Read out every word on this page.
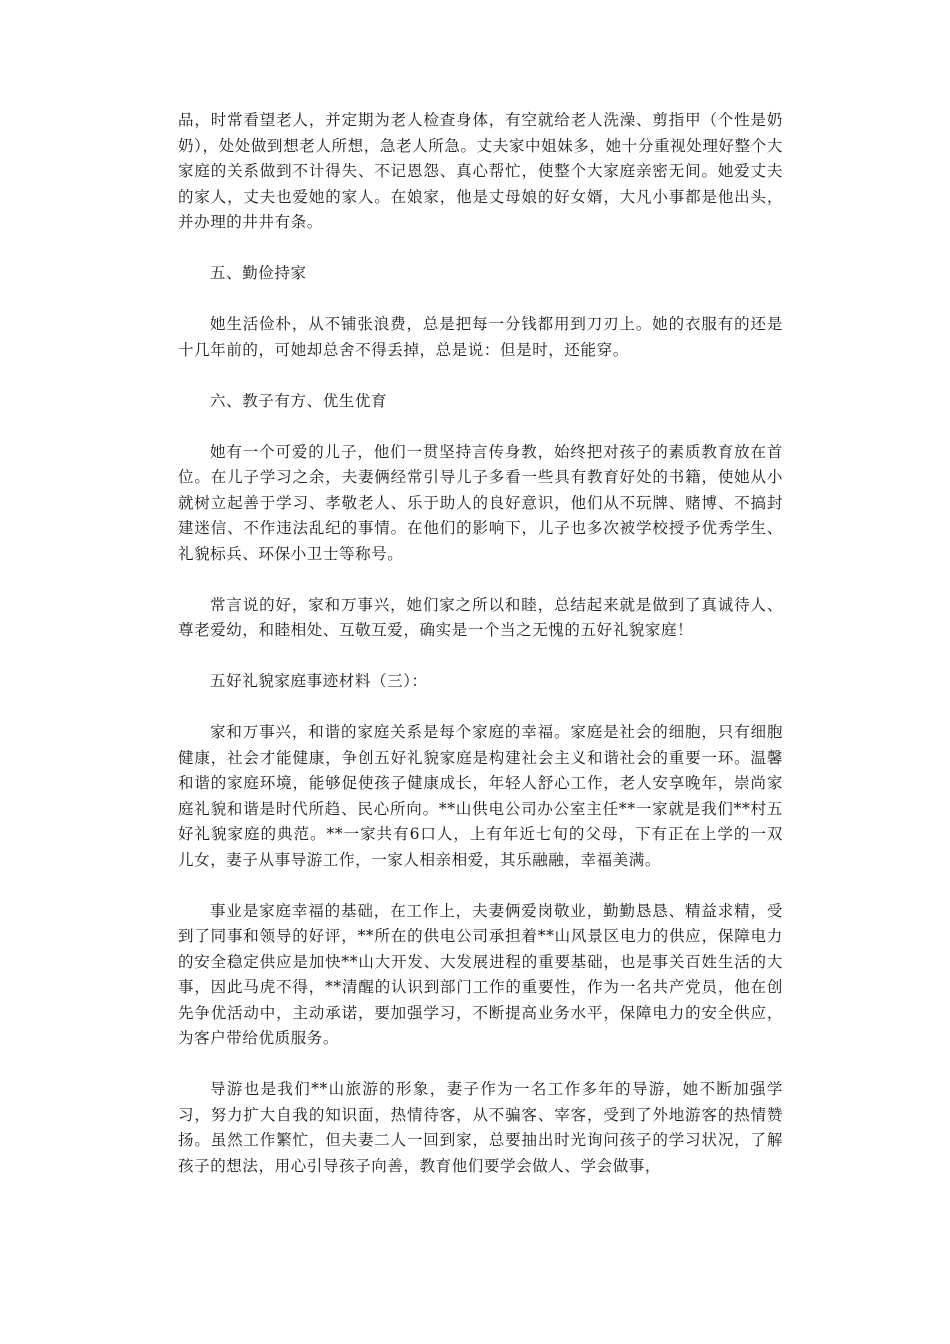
品，时常看望老人，并定期为老人检查身体，有空就给老人洗澡、剪指甲（个性是奶奶），处处做到想老人所想，急老人所急。丈夫家中姐妹多，她十分重视处理好整个大家庭的关系做到不计得失、不记恩怨、真心帮忙，使整个大家庭亲密无间。她爱丈夫的家人，丈夫也爱她的家人。在娘家，他是丈母娘的好女婿，大凡小事都是他出头，并办理的井井有条。

五、勤俭持家

她生活俭朴，从不铺张浪费，总是把每一分钱都用到刀刃上。她的衣服有的还是十几年前的，可她却总舍不得丢掉，总是说：但是时，还能穿。

六、教子有方、优生优育

她有一个可爱的儿子，他们一贯坚持言传身教，始终把对孩子的素质教育放在首位。在儿子学习之余，夫妻俩经常引导儿子多看一些具有教育好处的书籍，使她从小就树立起善于学习、孝敬老人、乐于助人的良好意识，他们从不玩牌、赌博、不搞封建迷信、不作违法乱纪的事情。在他们的影响下，儿子也多次被学校授予优秀学生、礼貌标兵、环保小卫士等称号。

常言说的好，家和万事兴，她们家之所以和睦，总结起来就是做到了真诚待人、尊老爱幼，和睦相处、互敬互爱，确实是一个当之无愧的五好礼貌家庭！

五好礼貌家庭事迹材料（三）：

家和万事兴，和谐的家庭关系是每个家庭的幸福。家庭是社会的细胞，只有细胞健康，社会才能健康，争创五好礼貌家庭是构建社会主义和谐社会的重要一环。温馨和谐的家庭环境，能够促使孩子健康成长，年轻人舒心工作，老人安享晚年，崇尚家庭礼貌和谐是时代所趋、民心所向。**山供电公司办公室主任**一家就是我们**村五好礼貌家庭的典范。**一家共有6口人，上有年近七旬的父母，下有正在上学的一双儿女，妻子从事导游工作，一家人相亲相爱，其乐融融，幸福美满。

事业是家庭幸福的基础，在工作上，夫妻俩爱岗敬业，勤勤恳恳、精益求精，受到了同事和领导的好评，**所在的供电公司承担着**山风景区电力的供应，保障电力的安全稳定供应是加快**山大开发、大发展进程的重要基础，也是事关百姓生活的大事，因此马虎不得，**清醒的认识到部门工作的重要性，作为一名共产党员，他在创先争优活动中，主动承诺，要加强学习，不断提高业务水平，保障电力的安全供应，为客户带给优质服务。

导游也是我们**山旅游的形象，妻子作为一名工作多年的导游，她不断加强学习，努力扩大自我的知识面，热情待客，从不骗客、宰客，受到了外地游客的热情赞扬。虽然工作繁忙，但夫妻二人一回到家，总要抽出时光询问孩子的学习状况，了解孩子的想法，用心引导孩子向善，教育他们要学会做人、学会做事，
